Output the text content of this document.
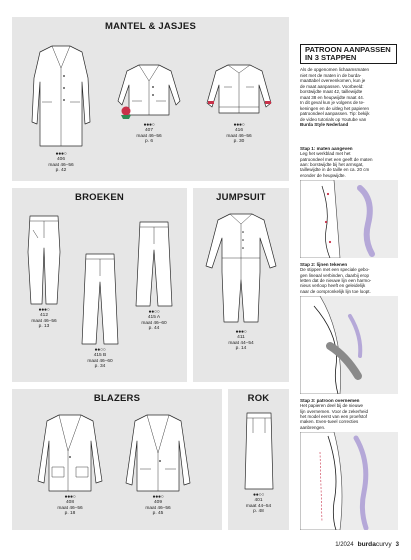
MANTEL & JASJES
●●●○
406
maat 46–56
p. 42
●●●○
407
maat 46–56
p. 6
●●●○
416
maat 46–56
p. 30
BROEKEN
●●●○
412
maat 46–56
p. 13
●●○○
415 B
maat 46–60
p. 34
●●○○
415 A
maat 46–60
p. 44
JUMPSUIT
●●●○
411
maat 44–54
p. 14
BLAZERS
●●●○
408
maat 46–56
p. 18
●●●○
409
maat 46–56
p. 45
ROK
●●○○
401
maat 44–54
p. 48
PATROON AANPASSEN
IN 3 STAPPEN
Als de opgenomen lichaamsmaten
niet met de maten in de burda-
maattabel overeenkomen, kun je
de maat aanpassen. Voorbeeld:
borstwijdte maat 42, taillewijdte
maat 38 en heupwijdte maat 44.
In dit geval kun je volgens de te-
keningen en de uitleg het papieren
patroondeel aanpassen. Tip: bekijk
de video tutorials op Youtube van
Burda Style Nederland
Stap 1: maten aangeven
Leg het werkblad met het
patroondeel met een geeft de maten
aan: borstwijdte bij het armsgat,
taillewijdte in de taille en ca. 20 cm
eronder de heupwijdte.
Stap 2: lijnen tekenen
De stippen met een speciale gebo-
gen lineaal verbinden, daarbij erop
letten dat de nieuwe lijn een harmo-
nieus verloop heeft en geleidelijk
naar de oorspronkelijk lijn toe loopt.
Stap 3: patroon overnemen
Het papieren deel bij de nieuwe
lijn overnemen. Voor de zekerheid
het model eerst van een proefstof
maken. Even-tueel correcties
aanbrengen.
1/2024 burdacurvy 3
